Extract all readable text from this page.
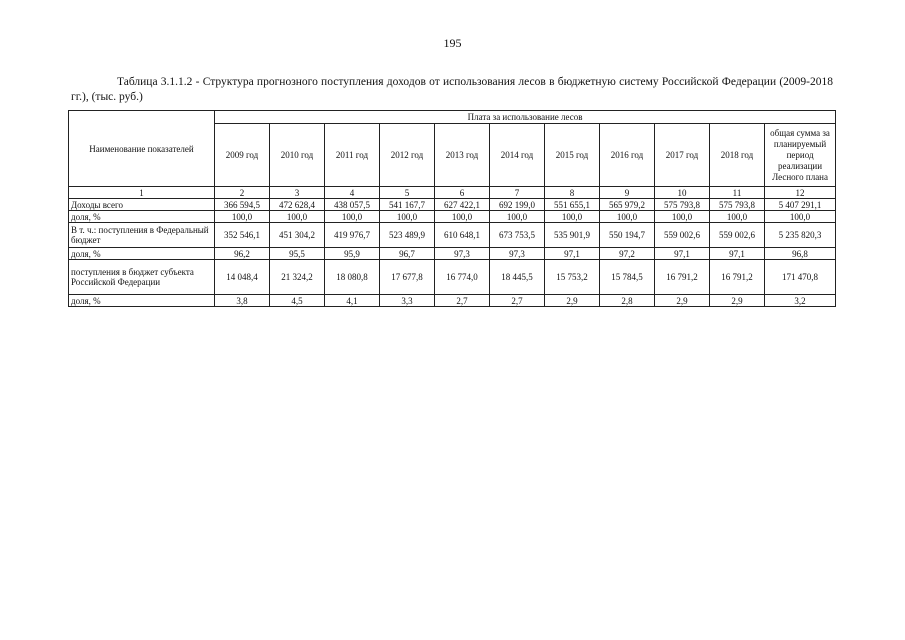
195
Таблица 3.1.1.2 - Структура прогнозного поступления доходов от использования лесов в бюджетную систему Российской Федерации (2009-2018 гг.), (тыс. руб.)
Наименование показателей	Плата за использование лесов										
	2009 год	2010 год	2011 год	2012 год	2013 год	2014 год	2015 год	2016 год	2017 год	2018 год	общая сумма за планируемый период реализации Лесного плана
1	2	3	4	5	6	7	8	9	10	11	12
Доходы всего	366 594,5	472 628,4	438 057,5	541 167,7	627 422,1	692 199,0	551 655,1	565 979,2	575 793,8	575 793,8	5 407 291,1
доля, %	100,0	100,0	100,0	100,0	100,0	100,0	100,0	100,0	100,0	100,0	100,0
В т. ч.: поступления в Федеральный бюджет	352 546,1	451 304,2	419 976,7	523 489,9	610 648,1	673 753,5	535 901,9	550 194,7	559 002,6	559 002,6	5 235 820,3
доля, %	96,2	95,5	95,9	96,7	97,3	97,3	97,1	97,2	97,1	97,1	96,8
поступления в бюджет субъекта Российской Федерации	14 048,4	21 324,2	18 080,8	17 677,8	16 774,0	18 445,5	15 753,2	15 784,5	16 791,2	16 791,2	171 470,8
доля, %	3,8	4,5	4,1	3,3	2,7	2,7	2,9	2,8	2,9	2,9	3,2
